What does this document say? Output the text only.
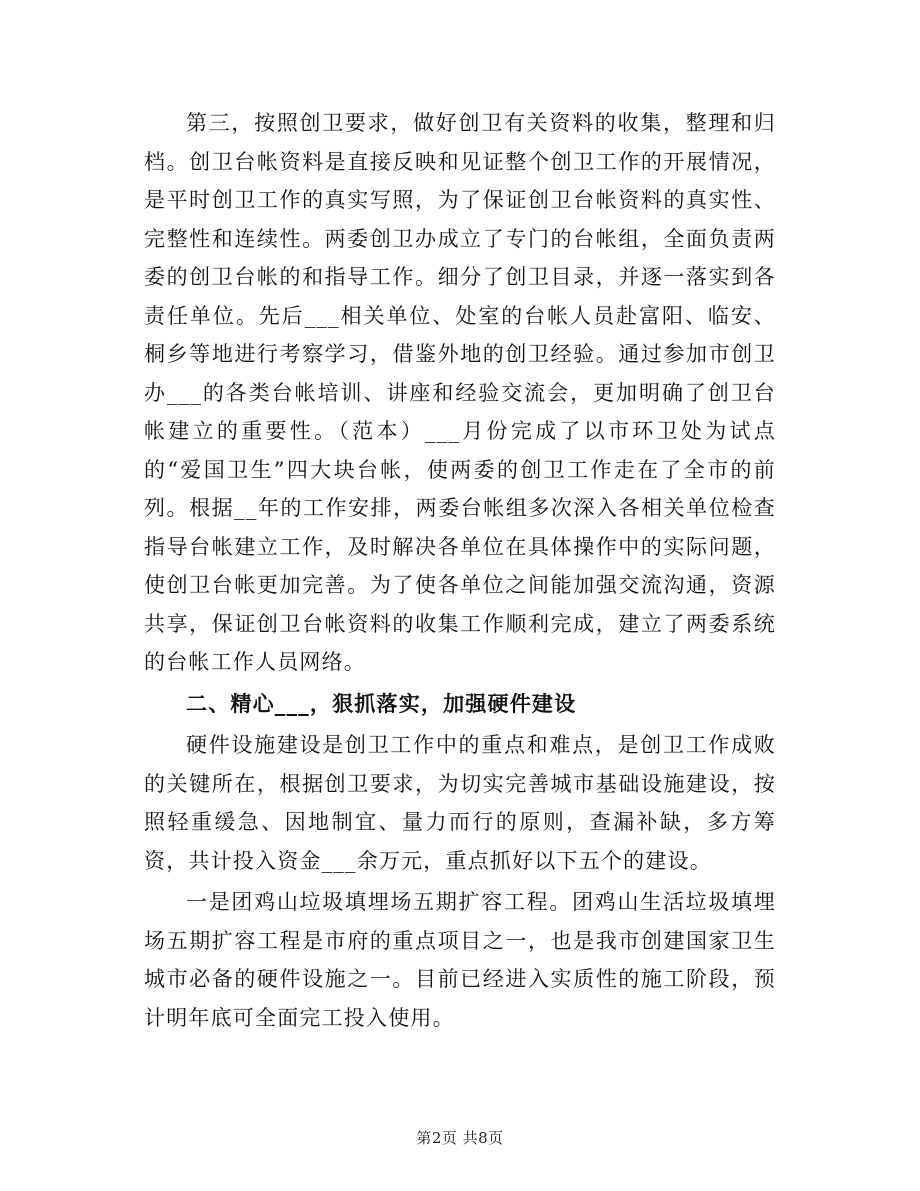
第三，按照创卫要求，做好创卫有关资料的收集，整理和归档。创卫台帐资料是直接反映和见证整个创卫工作的开展情况，是平时创卫工作的真实写照，为了保证创卫台帐资料的真实性、完整性和连续性。两委创卫办成立了专门的台帐组，全面负责两委的创卫台帐的和指导工作。细分了创卫目录，并逐一落实到各责任单位。先后___相关单位、处室的台帐人员赴富阳、临安、桐乡等地进行考察学习，借鉴外地的创卫经验。通过参加市创卫办___的各类台帐培训、讲座和经验交流会，更加明确了创卫台帐建立的重要性。（范本）___月份完成了以市环卫处为试点的“爱国卫生”四大块台帐，使两委的创卫工作走在了全市的前列。根据__年的工作安排，两委台帐组多次深入各相关单位检查指导台帐建立工作，及时解决各单位在具体操作中的实际问题，使创卫台帐更加完善。为了使各单位之间能加强交流沟通，资源共享，保证创卫台帐资料的收集工作顺利完成，建立了两委系统的台帐工作人员网络。

二、精心___，狠抓落实，加强硬件建设

硬件设施建设是创卫工作中的重点和难点，是创卫工作成败的关键所在，根据创卫要求，为切实完善城市基础设施建设，按照轻重缓急、因地制宜、量力而行的原则，查漏补缺，多方筹资，共计投入资金___余万元，重点抓好以下五个的建设。

一是团鸡山垃圾填埋场五期扩容工程。团鸡山生活垃圾填埋场五期扩容工程是市府的重点项目之一，也是我市创建国家卫生城市必备的硬件设施之一。目前已经进入实质性的施工阶段，预计明年底可全面完工投入使用。

第2页 共8页
